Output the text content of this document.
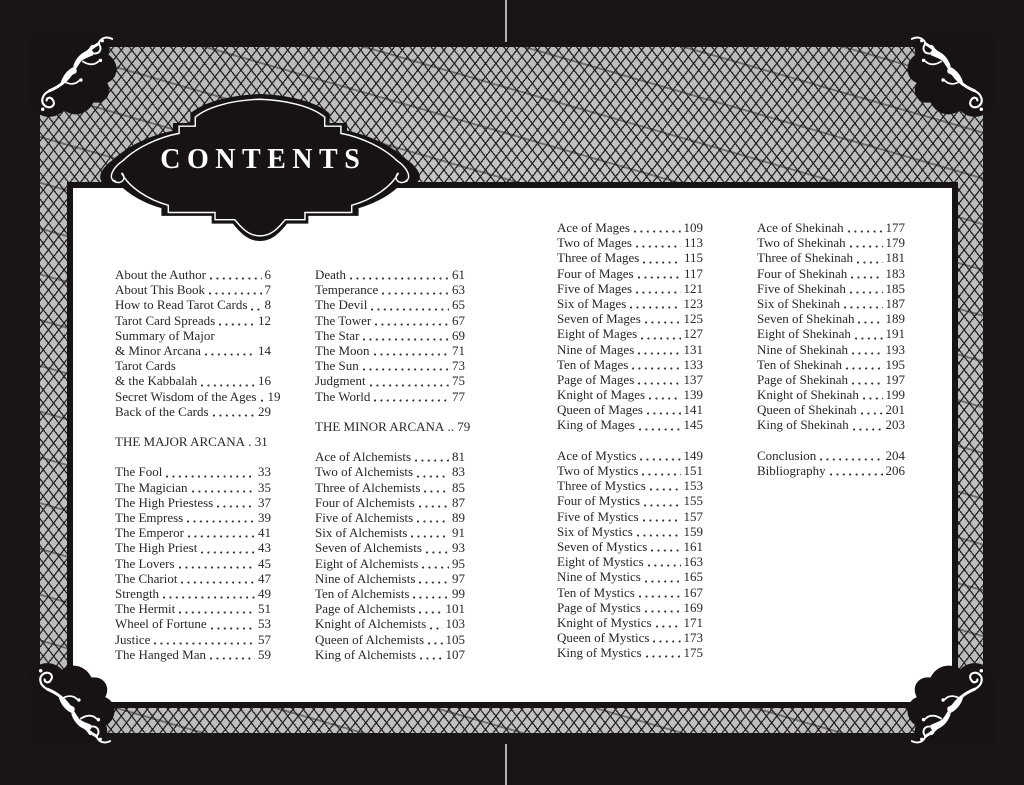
CONTENTS
About the Author	6
About This Book	7
How to Read Tarot Cards 8
Tarot Card Spreads	12
Summary of Major
& Minor Arcana	14
Tarot Cards
& the Kabbalah	16
Secret Wisdom of the Ages 19
Back of the Cards	29
THE MAJOR ARCANA . 31
The Fool	33
The Magician	35
The High Priestess	37
The Empress	39
The Emperor	41
The High Priest	43
The Lovers	45
The Chariot	47
Strength	49
The Hermit	51
Wheel of Fortune	53
Justice	57
The Hanged Man	59
Death	61
Temperance	63
The Devil	65
The Tower	67
The Star	69
The Moon	71
The Sun	73
Judgment	75
The World	77
THE MINOR ARCANA .. 79
Ace of Alchemists	81
Two of Alchemists	83
Three of Alchemists 85
Four of Alchemists	87
Five of Alchemists	89
Six of Alchemists	91
Seven of Alchemists 93
Eight of Alchemists	95
Nine of Alchemists	97
Ten of Alchemists	99
Page of Alchemists 101
Knight of Alchemists 103
Queen of Alchemists 105
King of Alchemists 107
Ace of Mages	109
Two of Mages	113
Three of Mages	115
Four of Mages	117
Five of Mages	121
Six of Mages	123
Seven of Mages	125
Eight of Mages	127
Nine of Mages	131
Ten of Mages	133
Page of Mages	137
Knight of Mages	139
Queen of Mages	141
King of Mages	145
Ace of Mystics	149
Two of Mystics	151
Three of Mystics	153
Four of Mystics	155
Five of Mystics	157
Six of Mystics	159
Seven of Mystics	161
Eight of Mystics	163
Nine of Mystics	165
Ten of Mystics	167
Page of Mystics	169
Knight of Mystics 171
Queen of Mystics	173
King of Mystics	175
Ace of Shekinah	177
Two of Shekinah	179
Three of Shekinah 181
Four of Shekinah	183
Five of Shekinah	185
Six of Shekinah	187
Seven of Shekinah 189
Eight of Shekinah	191
Nine of Shekinah	193
Ten of Shekinah	195
Page of Shekinah	197
Knight of Shekinah 199
Queen of Shekinah 201
King of Shekinah	203
Conclusion	204
Bibliography	206
